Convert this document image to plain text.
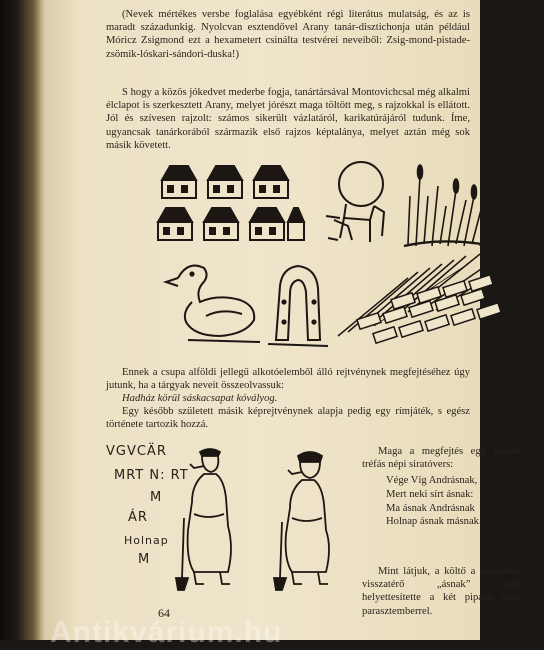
(Nevek mértékes versbe foglalása egyébként régi literátus mulatság, és az is maradt századunkig. Nyolcvan esztendővel Arany tanár-disztichonja után például Móricz Zsigmond ezt a hexametert csinálta testvérei neveiből: Zsig-mond-pistade-zsömik-lóskari-sándori-duska!)

S hogy a közös jókedvet mederbe fogja, tanártársával Montovichcsal még alkalmi élclapot is szerkesztett Arany, melyet jórészt maga töltött meg, s rajzokkal is ellátott. Jól és szívesen rajzolt: számos sikerült vázlatáról, karikatúrájáról tudunk. Íme, ugyancsak tanárkorából származik első rajzos képtalánya, melyet aztán még sok másik követett.

Ennek a csupa alföldi jellegű alkotóelemből álló rejtvénynek megfejtéséhez úgy jutunk, ha a tárgyak neveit összeolvassuk:

Hadház körül sáskacsapat kóvályog.

Egy később született másik képrejtvénynek alapja pedig egy rímjáték, s egész története tartozik hozzá.

VGVCÄR
MRT N: RT
M
ÁR
Holnap
M

Maga a megfejtés egy ismert tréfás népi siratóvers:

Vége Víg Andrásnak,
Mert neki sírt ásnak:
Ma ásnak Andrásnak
Holnap ásnak másnak.

Mint látjuk, a költő a rímekben visszatérő „ásnak” szót helyettesítette a két pipázó ásós parasztemberrel.

64
Antikvárium.hu
